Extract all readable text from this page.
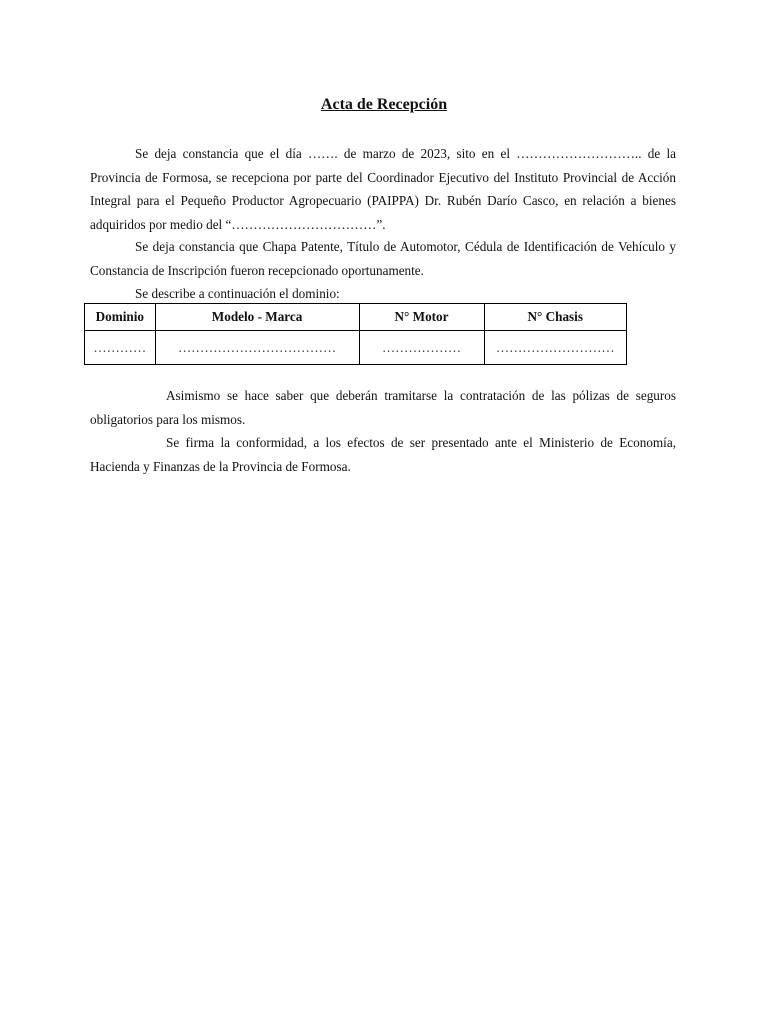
Acta de Recepción

Se deja constancia que el día ……. de marzo de 2023, sito en el ……………………….. de la Provincia de Formosa, se recepciona por parte del Coordinador Ejecutivo del Instituto Provincial de Acción Integral para el Pequeño Productor Agropecuario (PAIPPA) Dr. Rubén Darío Casco, en relación a bienes adquiridos por medio del “……………………………”.

Se deja constancia que Chapa Patente, Título de Automotor, Cédula de Identificación de Vehículo y Constancia de Inscripción fueron recepcionado oportunamente.

Se describe a continuación el dominio:

Dominio	Modelo - Marca	N° Motor	N° Chasis
…………	………………………………	………………	………………………

Asimismo se hace saber que deberán tramitarse la contratación de las pólizas de seguros obligatorios para los mismos.

Se firma la conformidad, a los efectos de ser presentado ante el Ministerio de Economía, Hacienda y Finanzas de la Provincia de Formosa.
